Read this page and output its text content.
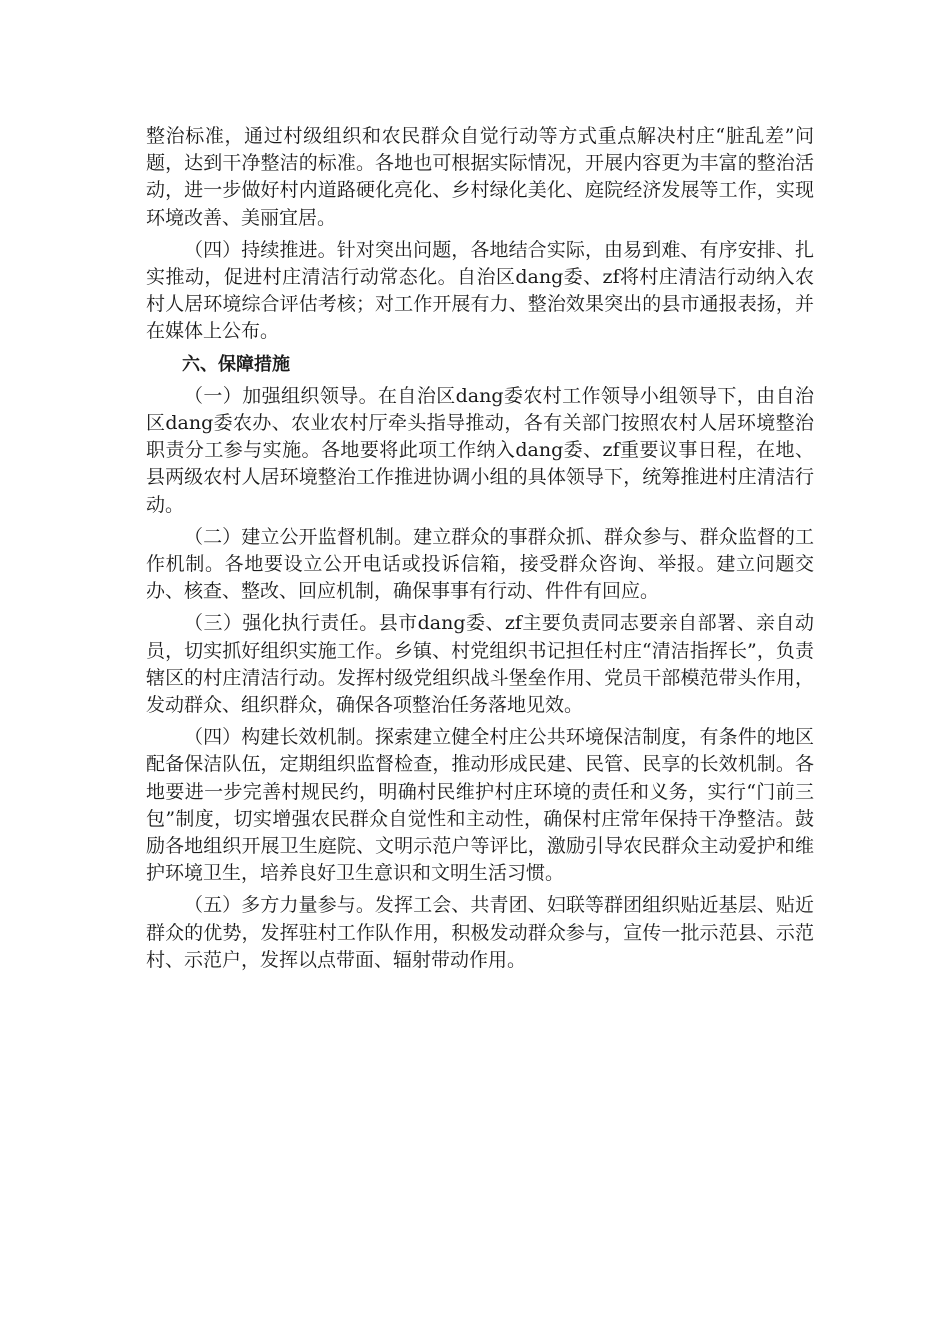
整治标准，通过村级组织和农民群众自觉行动等方式重点解决村庄“脏乱差”问题，达到干净整洁的标准。各地也可根据实际情况，开展内容更为丰富的整治活动，进一步做好村内道路硬化亮化、乡村绿化美化、庭院经济发展等工作，实现环境改善、美丽宜居。

（四）持续推进。针对突出问题，各地结合实际，由易到难、有序安排、扎实推动，促进村庄清洁行动常态化。自治区dang委、zf将村庄清洁行动纳入农村人居环境综合评估考核；对工作开展有力、整治效果突出的县市通报表扬，并在媒体上公布。

六、保障措施

（一）加强组织领导。在自治区dang委农村工作领导小组领导下，由自治区dang委农办、农业农村厅牵头指导推动，各有关部门按照农村人居环境整治职责分工参与实施。各地要将此项工作纳入dang委、zf重要议事日程，在地、县两级农村人居环境整治工作推进协调小组的具体领导下，统筹推进村庄清洁行动。

（二）建立公开监督机制。建立群众的事群众抓、群众参与、群众监督的工作机制。各地要设立公开电话或投诉信箱，接受群众咨询、举报。建立问题交办、核查、整改、回应机制，确保事事有行动、件件有回应。

（三）强化执行责任。县市dang委、zf主要负责同志要亲自部署、亲自动员，切实抓好组织实施工作。乡镇、村党组织书记担任村庄“清洁指挥长”，负责辖区的村庄清洁行动。发挥村级党组织战斗堡垒作用、党员干部模范带头作用，发动群众、组织群众，确保各项整治任务落地见效。

（四）构建长效机制。探索建立健全村庄公共环境保洁制度，有条件的地区配备保洁队伍，定期组织监督检查，推动形成民建、民管、民享的长效机制。各地要进一步完善村规民约，明确村民维护村庄环境的责任和义务，实行“门前三包”制度，切实增强农民群众自觉性和主动性，确保村庄常年保持干净整洁。鼓励各地组织开展卫生庭院、文明示范户等评比，激励引导农民群众主动爱护和维护环境卫生，培养良好卫生意识和文明生活习惯。

（五）多方力量参与。发挥工会、共青团、妇联等群团组织贴近基层、贴近群众的优势，发挥驻村工作队作用，积极发动群众参与，宣传一批示范县、示范村、示范户，发挥以点带面、辐射带动作用。
